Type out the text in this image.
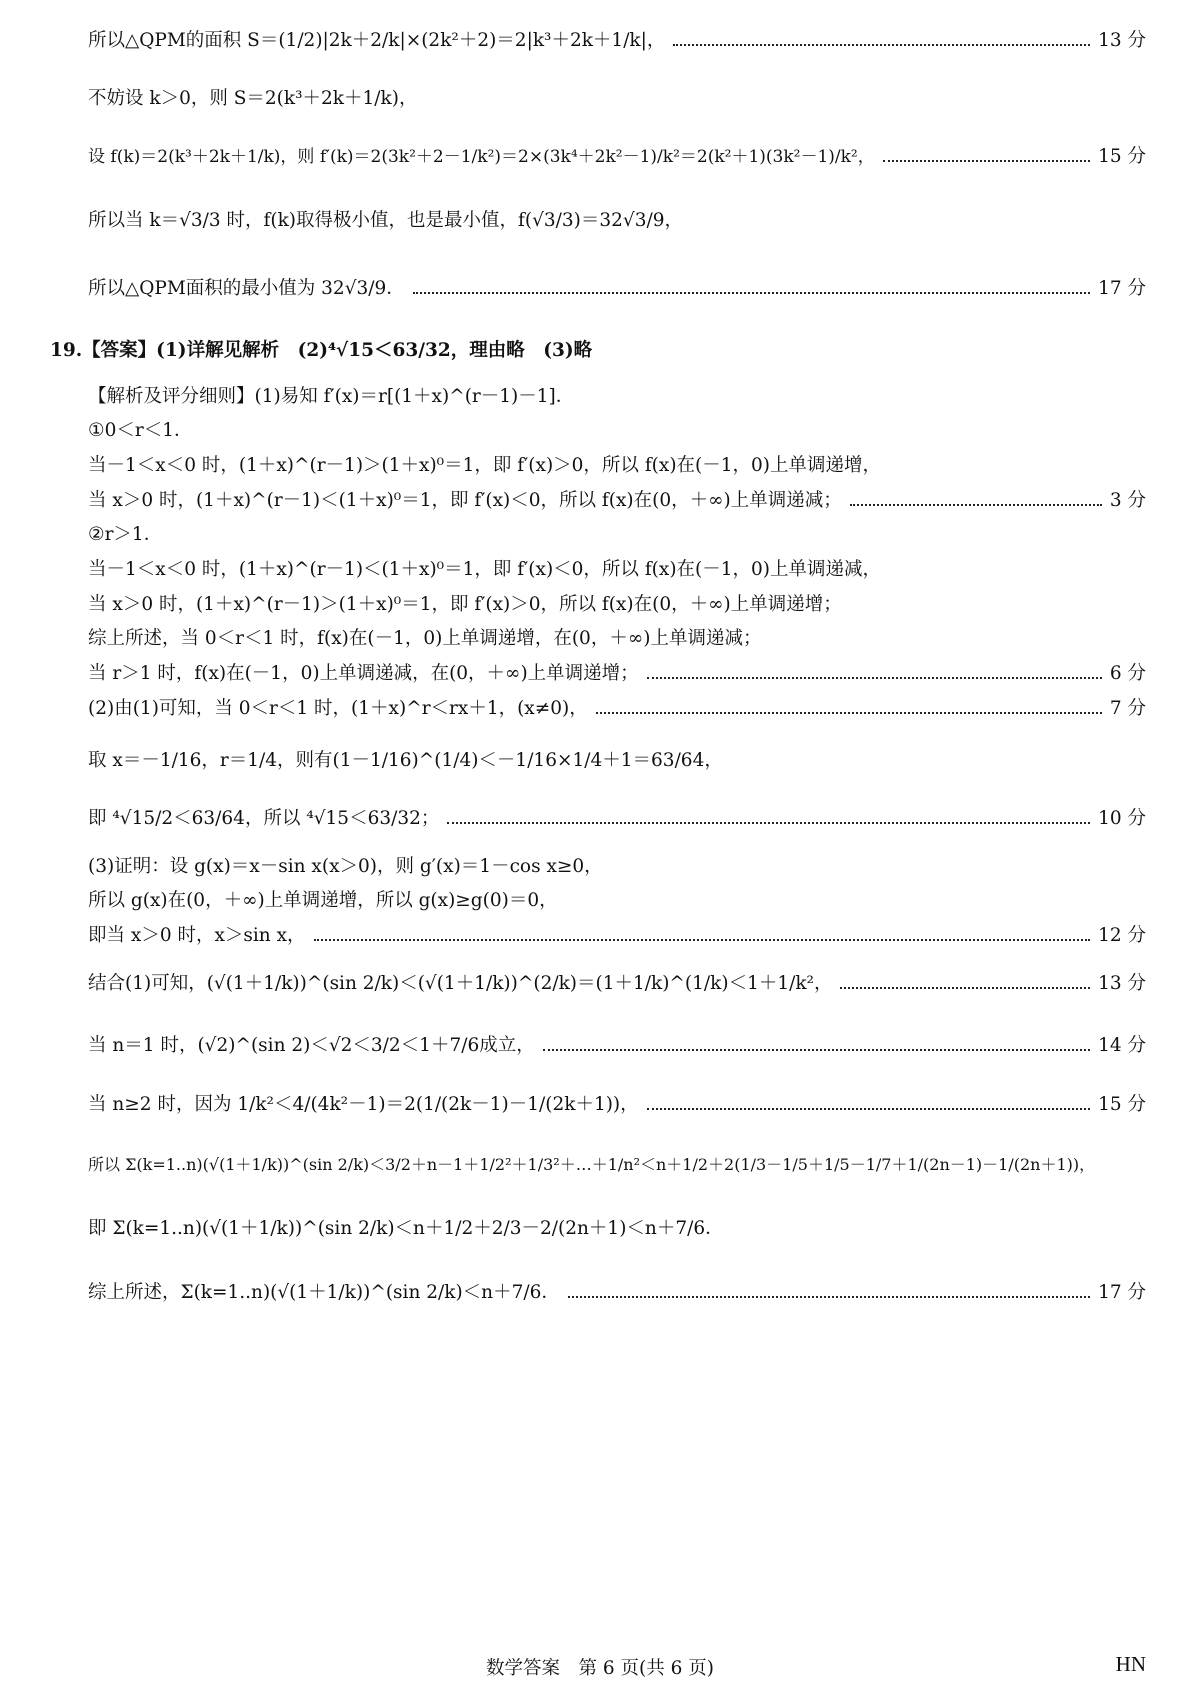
所以△QPM的面积 S＝(1/2)|2k＋2/k|×(2k²＋2)＝2|k³＋2k＋1/k|，	13 分
不妨设 k＞0，则 S＝2(k³＋2k＋1/k)，
设 f(k)＝2(k³＋2k＋1/k)，则 f′(k)＝2(3k²＋2－1/k²)＝2×(3k⁴＋2k²－1)/k²＝2(k²＋1)(3k²－1)/k²，	15 分
所以当 k＝√3/3 时，f(k)取得极小值，也是最小值，f(√3/3)＝32√3/9，
所以△QPM面积的最小值为 32√3/9．	17 分
19.【答案】(1)详解见解析　(2)⁴√15＜63/32，理由略　(3)略
【解析及评分细则】(1)易知 f′(x)＝r[(1＋x)^(r－1)－1]．
①0＜r＜1．
当－1＜x＜0 时，(1＋x)^(r－1)＞(1＋x)⁰＝1，即 f′(x)＞0，所以 f(x)在(－1，0)上单调递增，
当 x＞0 时，(1＋x)^(r－1)＜(1＋x)⁰＝1，即 f′(x)＜0，所以 f(x)在(0，＋∞)上单调递减；	3 分
②r＞1．
当－1＜x＜0 时，(1＋x)^(r－1)＜(1＋x)⁰＝1，即 f′(x)＜0，所以 f(x)在(－1，0)上单调递减，
当 x＞0 时，(1＋x)^(r－1)＞(1＋x)⁰＝1，即 f′(x)＞0，所以 f(x)在(0，＋∞)上单调递增；
综上所述，当 0＜r＜1 时，f(x)在(－1，0)上单调递增，在(0，＋∞)上单调递减；
当 r＞1 时，f(x)在(－1，0)上单调递减，在(0，＋∞)上单调递增；	6 分
(2)由(1)可知，当 0＜r＜1 时，(1＋x)^r＜rx＋1，(x≠0)，	7 分
取 x＝－1/16，r＝1/4，则有(1－1/16)^(1/4)＜－1/16×1/4＋1＝63/64，
即 ⁴√15/2＜63/64，所以 ⁴√15＜63/32；	10 分
(3)证明：设 g(x)＝x－sin x(x＞0)，则 g′(x)＝1－cos x≥0，
所以 g(x)在(0，＋∞)上单调递增，所以 g(x)≥g(0)＝0，
即当 x＞0 时，x＞sin x，	12 分
结合(1)可知，(√(1＋1/k))^(sin 2/k)＜(√(1＋1/k))^(2/k)＝(1＋1/k)^(1/k)＜1＋1/k²，	13 分
当 n＝1 时，(√2)^(sin 2)＜√2＜3/2＜1＋7/6成立，	14 分
当 n≥2 时，因为 1/k²＜4/(4k²－1)＝2(1/(2k－1)－1/(2k＋1))，	15 分
所以 Σ(k=1..n)(√(1＋1/k))^(sin 2/k)＜3/2＋n－1＋1/2²＋1/3²＋…＋1/n²＜n＋1/2＋2(1/3－1/5＋1/5－1/7＋1/(2n－1)－1/(2n＋1))，
即 Σ(k=1..n)(√(1＋1/k))^(sin 2/k)＜n＋1/2＋2/3－2/(2n＋1)＜n＋7/6．
综上所述，Σ(k=1..n)(√(1＋1/k))^(sin 2/k)＜n＋7/6．	17 分
数学答案　第 6 页(共 6 页)	HN
